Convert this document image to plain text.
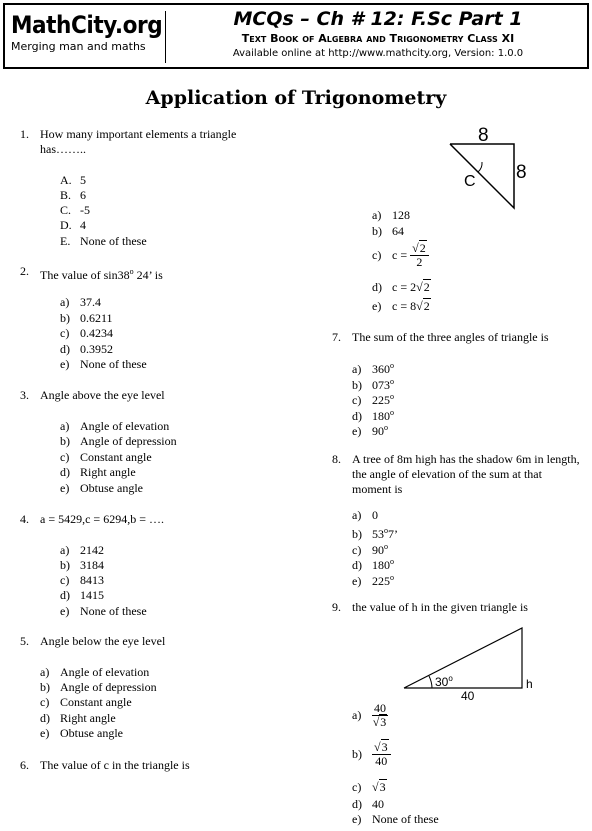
MathCity.org
Merging man and maths
MCQs – Ch # 12: F.Sc Part 1
Text Book of Algebra and Trigonometry Class XI
Available online at http://www.mathcity.org, Version: 1.0.0
Application of Trigonometry
1. How many important elements a triangle has……..
A. 5
B. 6
C. -5
D. 4
E. None of these
2. The value of sin38$^o$ 24’ is
a) 37.4
b) 0.6211
c) 0.4234
d) 0.3952
e) None of these
3. Angle above the eye level
a) Angle of elevation
b) Angle of depression
c) Constant angle
d) Right angle
e) Obtuse angle
4. a = 5429,c = 6294,b = ….
a) 2142
b) 3184
c) 8413
d) 1415
e) None of these
5. Angle below the eye level
a) Angle of elevation
b) Angle of depression
c) Constant angle
d) Right angle
e) Obtuse angle
6. The value of c in the triangle is
8
8
C
a) 128
b) 64
c) $c = \frac{√2}{2}$
d) c = 2√2
e) c = 8√2
7. The sum of the three angles of triangle is
a) 360$^o$
b) 073$^o$
c) 225$^o$
d) 180$^o$
e) 90$^o$
8. A tree of 8m high has the shadow 6m in length, the angle of elevation of the sum at that moment is
a) 0
b) 53$^o$7’
c) 90$^o$
d) 180$^o$
e) 225$^o$
9. the value of h in the given triangle is
30$^o$
40
h
$a) \frac{40}{√3}$
$b) \frac{√3}{40}$
c) √3
d) 40
e) None of these
